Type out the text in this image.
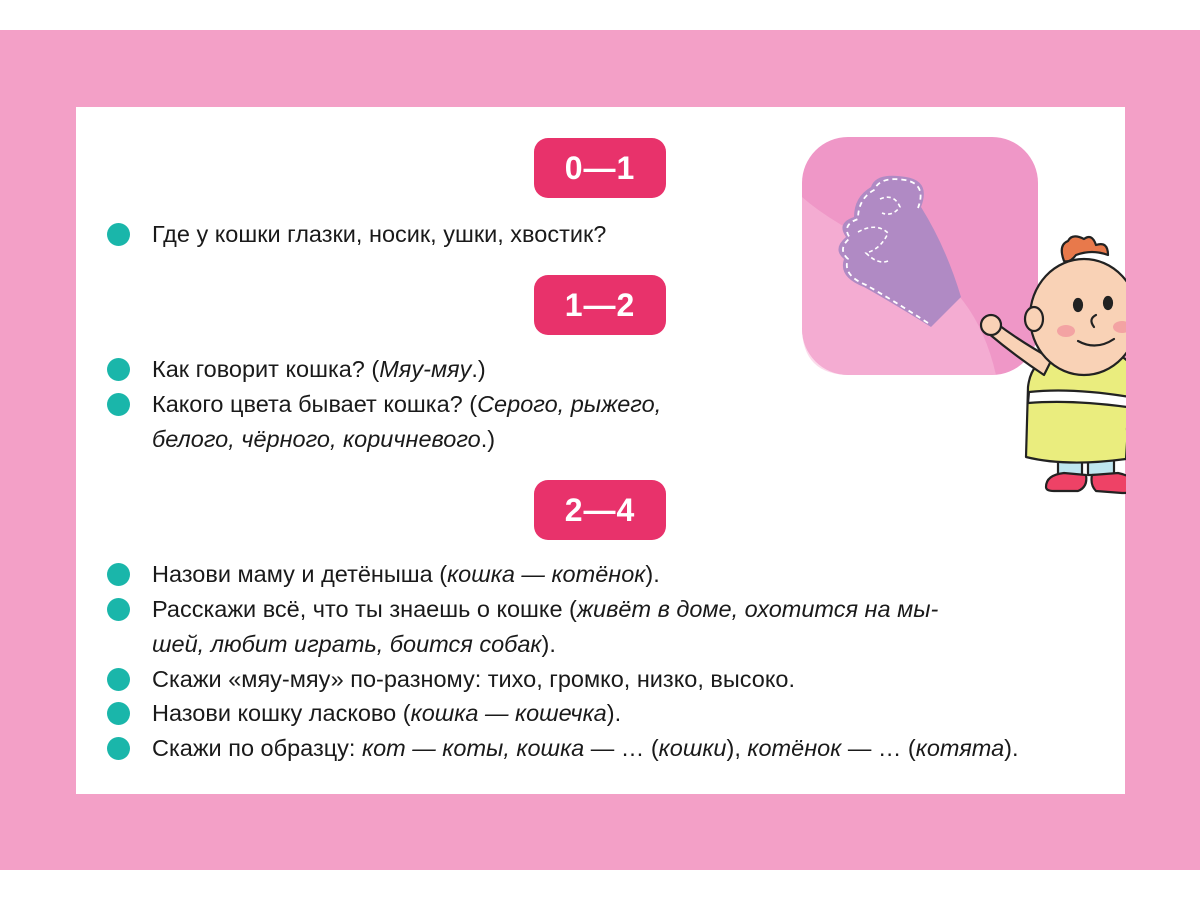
0—1
1—2
2—4
Где у кошки глазки, носик, ушки, хвостик?
Как говорит кошка? (Мяу-мяу.)
Какого цвета бывает кошка? (Серого, рыжего,
белого, чёрного, коричневого.)
Назови маму и детёныша (кошка — котёнок).
Расскажи всё, что ты знаешь о кошке (живёт в доме, охотится на мы-
шей, любит играть, боится собак).
Скажи «мяу-мяу» по-разному: тихо, громко, низко, высоко.
Назови кошку ласково (кошка — кошечка).
Скажи по образцу: кот — коты, кошка — … (кошки), котёнок — … (котята).
